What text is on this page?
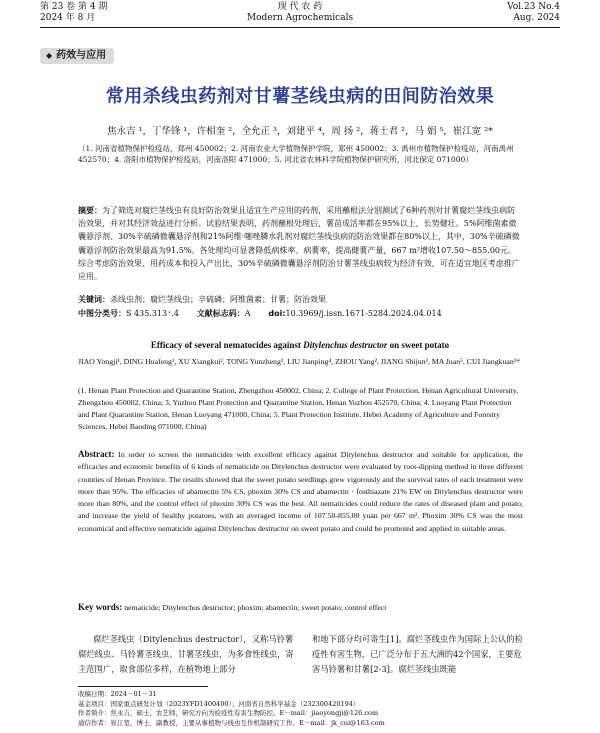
第 23 卷 第 4 期
2024 年 8 月
现 代 农 药
Modern Agrochemicals
Vol.23 No.4
Aug. 2024
◆ 药效与应用
常用杀线虫药剂对甘薯茎线虫病的田间防治效果
焦永吉 ¹，丁华锋 ¹，许相奎 ²，全允正 ³，刘建平 ⁴，周 扬 ²，蒋士君 ²，马 娟 ⁵，崔江宽 ²*
（1. 河南省植物保护检疫站，郑州 450002；2. 河南农业大学植物保护学院，郑州 450002；3. 禹州市植物保护检疫站，河南禹州 452570；4. 洛阳市植物保护检疫站，河南洛阳 471000；5. 河北省农林科学院植物保护研究所，河北保定 071000）
摘要：为了筛选对腐烂茎线虫有良好防治效果且适宜生产应用的药剂，采用蘸根法分别测试了6种药剂对甘薯腐烂茎线虫病防治效果，并对其经济效益进行分析。试验结果表明，药剂蘸根处理后，薯苗成活率都在95%以上，长势健壮。5%阿维菌素微囊悬浮剂、30%辛硫磷微囊悬浮剂和21%阿维·噻唑膦水乳剂对腐烂茎线虫病的防治效果都在80%以上，其中，30%辛硫磷微囊悬浮剂防治效果最高为91.5%。各处理均可显著降低病株率、病薯率，提高健薯产量，667 m²增收107.50～855.00元。综合考虑防治效果、用药成本和投入产出比，30%辛硫磷微囊悬浮剂防治甘薯茎线虫病较为经济有效，可在适宜地区考虑推广应用。
关键词：杀线虫剂；腐烂茎线虫；辛硫磷；阿维菌素；甘薯；防治效果
中图分类号：S 435.313⁺.4 文献标志码：A doi:10.3969/j.issn.1671-5284.2024.04.014
Efficacy of several nematocides against Ditylenchus destructor on sweet potato
JIAO Yongji¹, DING Huafeng¹, XU Xiangkui², TONG Yunzheng³, LIU Jianping⁴, ZHOU Yang², JIANG Shijun², MA Juan⁵, CUI Jiangkuan²*
(1. Henan Plant Protection and Quarantine Station, Zhengzhou 450002, China; 2. College of Plant Protection, Henan Agricultural University, Zhengzhou 450002, China; 3. Yuzhou Plant Protection and Quarantine Station, Henan Yuzhou 452570, China; 4. Luoyang Plant Protection and Plant Quarantine Station, Henan Luoyang 471000, China; 5. Plant Protection Institute, Hebei Academy of Agriculture and Forestry Sciences, Hebei Baoding 071000, China)
Abstract: In order to screen the nematicides with excellent efficacy against Ditylenchus destructor and suitable for application, the efficacies and economic benefits of 6 kinds of nematicide on Ditylenchus destructor were evaluated by root-dipping method in three different counties of Henan Province. The results showed that the sweet potato seedlings grew vigorously and the survival rates of each treatment were more than 95%. The efficacies of abamectin 5% CS, phoxim 30% CS and abamectin · fosthiazate 21% EW on Ditylenchus destructor were more than 80%, and the control effect of phoxim 30% CS was the best. All nematicides could reduce the rates of diseased plant and potato, and increase the yield of healthy potatoes, with an averaged income of 107.50-855.00 yuan per 667 m². Phoxim 30% CS was the most economical and effective nematicide against Ditylenchus destructor on sweet potato and could be promoted and applied in suitable areas.
Key words: nematicide; Ditylenchus destructor; phoxim; abamectin; sweet potato; control effect
腐烂茎线虫（Ditylenchus destructor），又称马铃薯腐烂线虫、马铃薯茎线虫、甘薯茎线虫，为多食性线虫，寄主范围广，取食部位多样，在植物地上部分
和地下部分均可寄生[1]。腐烂茎线虫作为国际上公认的检疫性有害生物，已广泛分布于五大洲的42个国家，主要危害马铃薯和甘薯[2-3]。腐烂茎线虫既能
收稿日期：2024－01－31
基金项目：国家重点研发计划（2023YFD1400400）；河南省自然科学基金（232300420194）
作者简介：焦永吉，硕士，农艺师，研究方向为检疫性有害生物防控。E－mail：jiaoyongji@126.com
通信作者：崔江宽，博士，副教授，主要从事植物与线虫互作机制研究工作。E－mail：jk_cui@163.com
